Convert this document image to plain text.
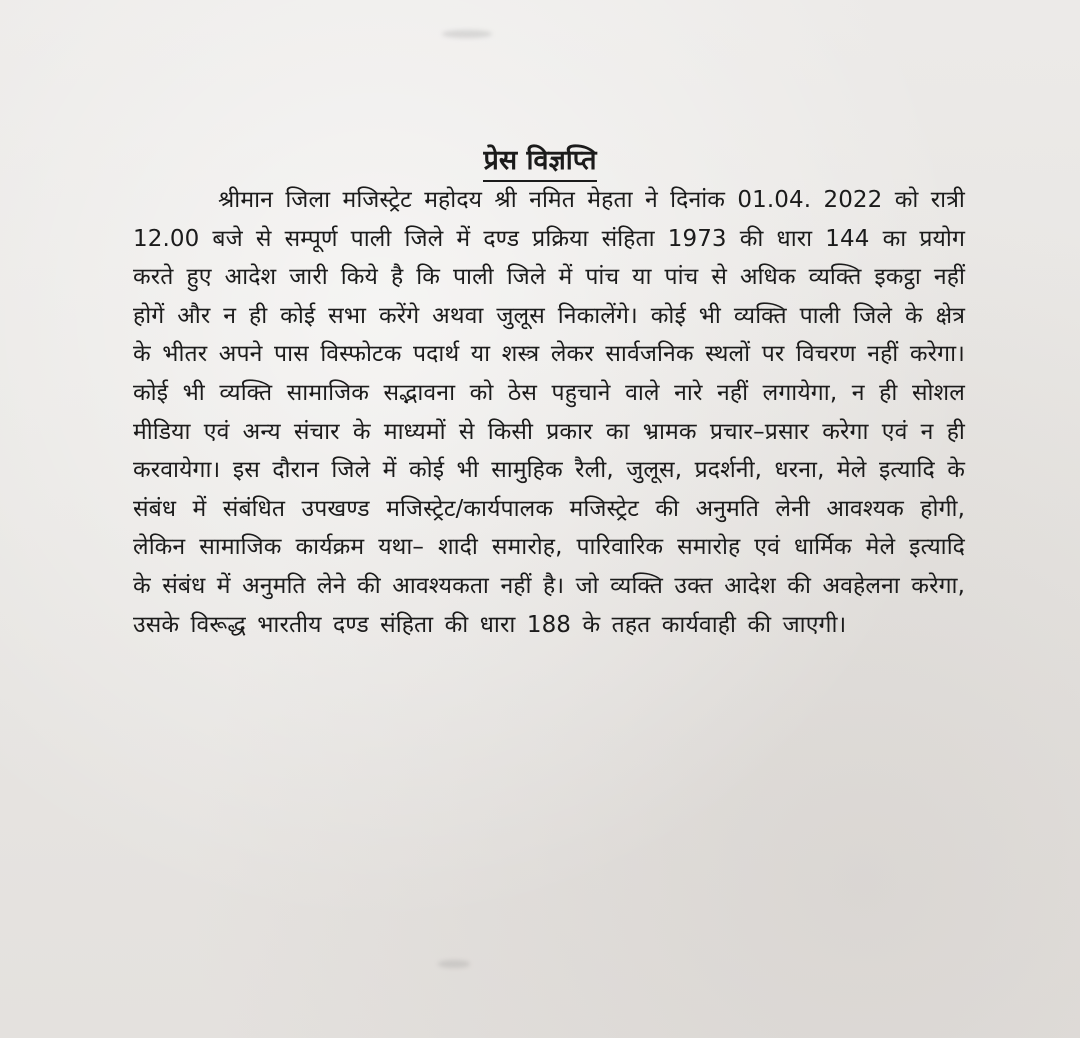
प्रेस विज्ञप्ति

श्रीमान जिला मजिस्ट्रेट महोदय श्री नमित मेहता ने दिनांक 01.04. 2022 को रात्री 12.00 बजे से सम्पूर्ण पाली जिले में दण्ड प्रक्रिया संहिता 1973 की धारा 144 का प्रयोग करते हुए आदेश जारी किये है कि पाली जिले में पांच या पांच से अधिक व्यक्ति इकट्ठा नहीं होगें और न ही कोई सभा करेंगे अथवा जुलूस निकालेंगे। कोई भी व्यक्ति पाली जिले के क्षेत्र के भीतर अपने पास विस्फोटक पदार्थ या शस्त्र लेकर सार्वजनिक स्थलों पर विचरण नहीं करेगा। कोई भी व्यक्ति सामाजिक सद्भावना को ठेस पहुचाने वाले नारे नहीं लगायेगा, न ही सोशल मीडिया एवं अन्य संचार के माध्यमों से किसी प्रकार का भ्रामक प्रचार–प्रसार करेगा एवं न ही करवायेगा। इस दौरान जिले में कोई भी सामुहिक रैली, जुलूस, प्रदर्शनी, धरना, मेले इत्यादि के संबंध में संबंधित उपखण्ड मजिस्ट्रेट/कार्यपालक मजिस्ट्रेट की अनुमति लेनी आवश्यक होगी, लेकिन सामाजिक कार्यक्रम यथा– शादी समारोह, पारिवारिक समारोह एवं धार्मिक मेले इत्यादि के संबंध में अनुमति लेने की आवश्यकता नहीं है। जो व्यक्ति उक्त आदेश की अवहेलना करेगा, उसके विरूद्ध भारतीय दण्ड संहिता की धारा 188 के तहत कार्यवाही की जाएगी।
